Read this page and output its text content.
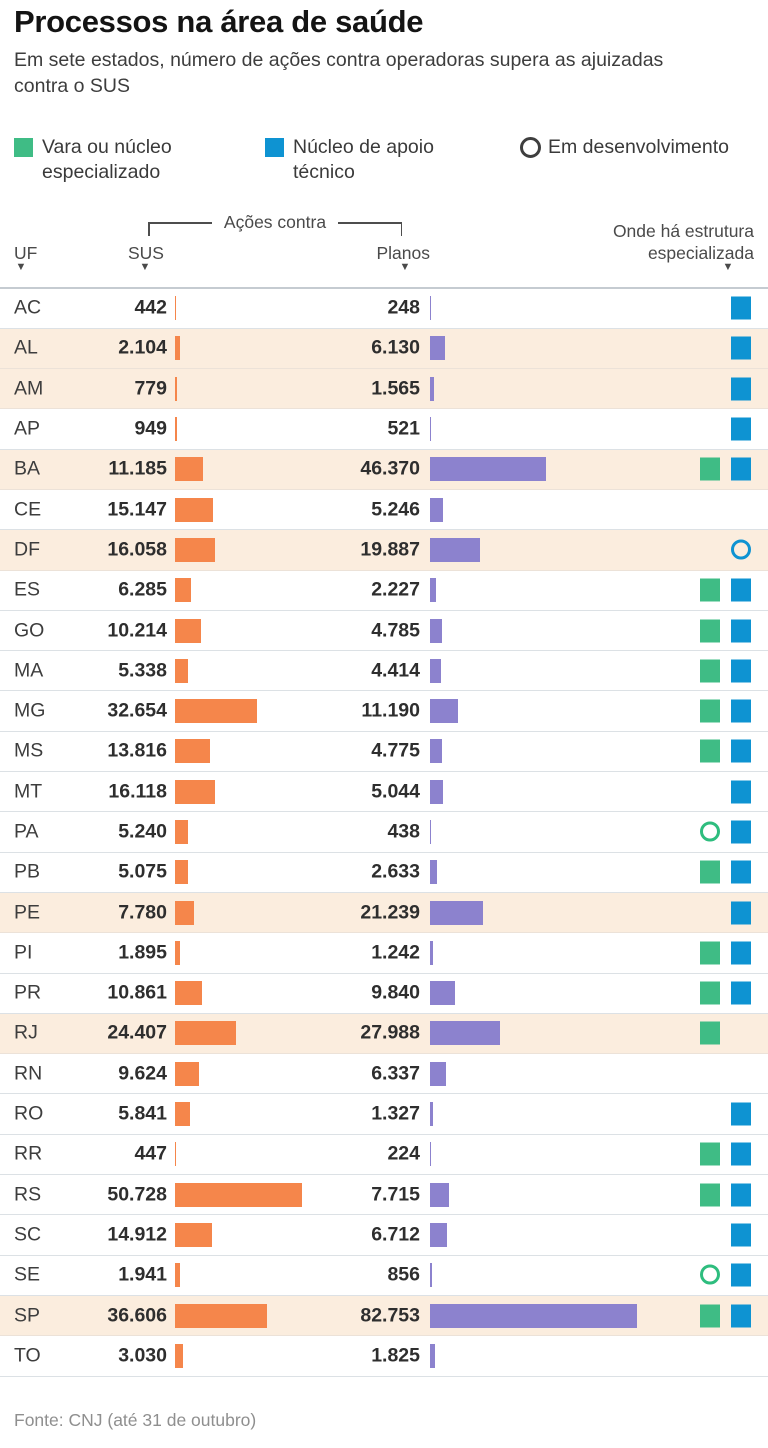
Processos na área de saúde

Em sete estados, número de ações contra operadoras supera as ajuizadas contra o SUS

Vara ou núcleo especializado
Núcleo de apoio técnico
Em desenvolvimento
Ações contra
UF	SUS	Planos
Onde há estrutura especializada
▼	▼	▼	▼
AC	442	248
AL	2.104	6.130
AM	779	1.565
AP	949	521
BA	11.185	46.370
CE	15.147	5.246
DF	16.058	19.887
ES	6.285	2.227
GO	10.214	4.785
MA	5.338	4.414
MG	32.654	11.190
MS	13.816	4.775
MT	16.118	5.044
PA	5.240	438
PB	5.075	2.633
PE	7.780	21.239
PI	1.895	1.242
PR	10.861	9.840
RJ	24.407	27.988
RN	9.624	6.337
RO	5.841	1.327
RR	447	224
RS	50.728	7.715
SC	14.912	6.712
SE	1.941	856
SP	36.606	82.753
TO	3.030	1.825

Fonte: CNJ (até 31 de outubro)
